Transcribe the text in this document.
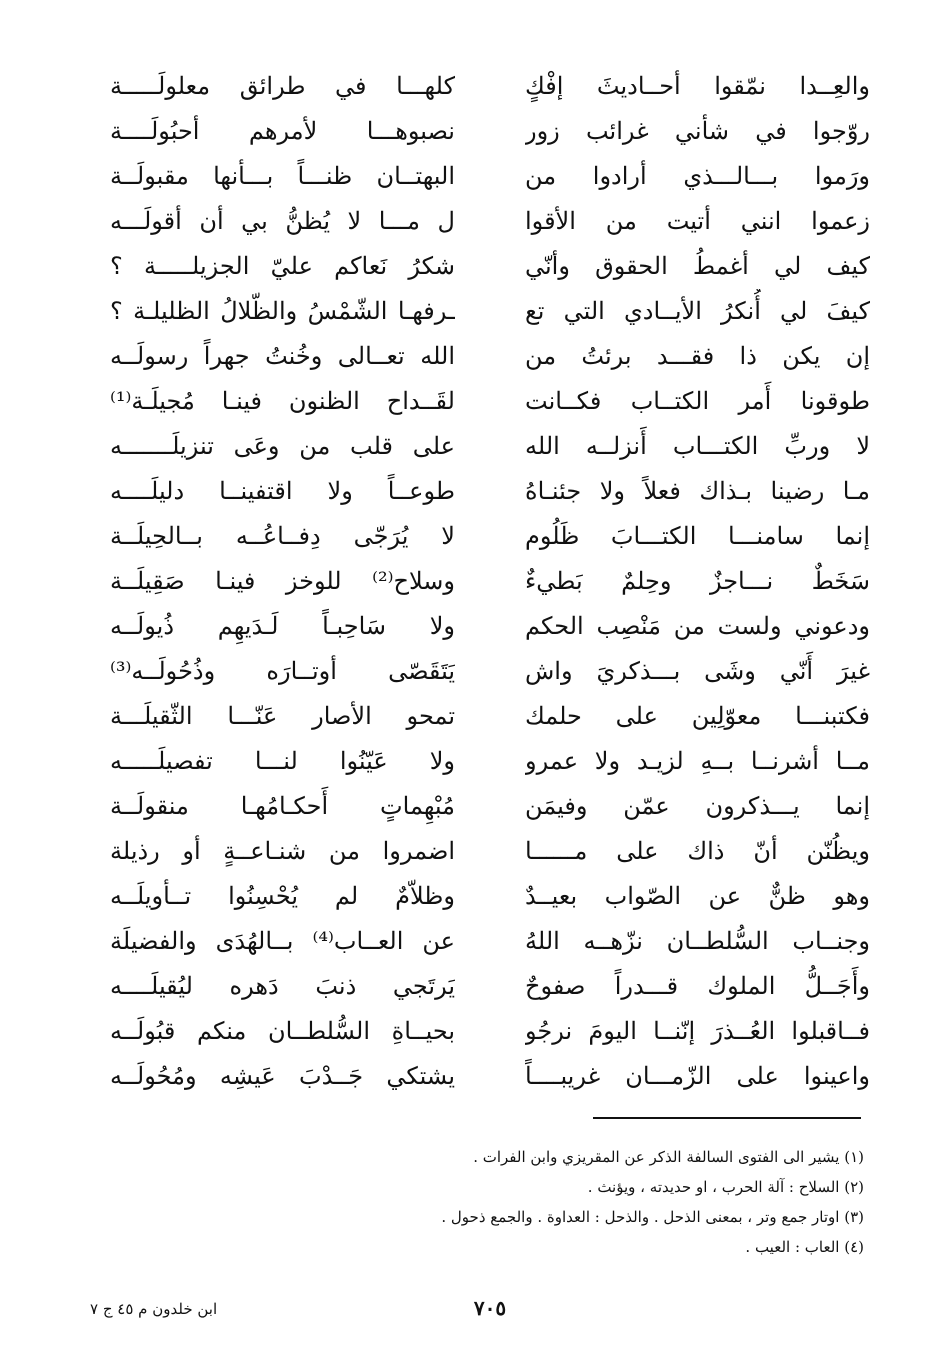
والعِــدا نمّقوا أحــاديثَ إفْكٍ
كلهـــا في طرائق معلولَـــــة
روّجوا في شأني غرائب زور
نصبوهـــا لأمرهم أحبُولَــــة
ورَموا بـــالـــذي أرادوا من
البهتــان ظنـــاً بـــأنها مقبولَــة
زعموا انني أتيت من الأقوا
ل مـــا لا يُظنُّ بي أن أقولَـــه
كيف لي أغمطُ الحقوق وأنّي
شكرُ نَعاكم عليّ الجزيلـــــة ؟
كيفَ لي أُنكرُ الأيــادي التي تع
ـرفهـا الشّمْسُ والظّلالُ الظليلـة ؟
إن يكن ذا فقـــد برئتُ من
الله تعــالى وخُنتُ جهراً رسولَــه
طوقونا أَمر الكتــاب فكــانت
لقَــداح الظنون فينـا مُجيلَـة⁽¹⁾
لا وربِّ الكتـــاب أَنزلــه الله
على قلب من وعَى تنزيلَـــــــه
مـا رضينا بـذاك فعلاً ولا جئنـاهُ
طوعــاً ولا اقتفينــا دليلَــــه
إنما سامنـــا الكتـــابَ ظَلُوم
لا يُرَجّى دِفــاعُــه بــالحِيلَــة
سَخَطٌ نـــاجزٌ وحِلمٌ بَطيءٌ
وسلاح⁽²⁾ للوخز فينـا صَقِيلَــة
ودعوني ولست من مَنْصِب الحكم
ولا سَاحِبـاً لَـدَيهِم ذُيولَــه
غيرَ أَنّي وشَى بـــذكريَ واش
يَتَقَصّى أوتــارَه وذُحُولَــه⁽³⁾
فكتبنـــا معوّلِين على حلمك
تمحو الأصار عَنّـــا الثّقيلَـــة
مــا أشرنــا بــهِ لزيـد ولا عمرو
ولا عَيّنُوا لنـــا تفصيلَـــــه
إنما يـــذكرون عمّن وفيمَن
مُبْهِماتٍ أَحكـامُهـا منقولَــة
ويظُنّن أنّ ذاك على مــــــا
اضمروا من شنـاعــةٍ أو رذيلة
وهو ظنٌّ عن الصّواب بعيــدٌ
وظلاّمٌ لم يُحْسِنُوا تــأويلَــه
وجنــاب السُّلطــان نزّهــه اللهُ
عن العــاب⁽⁴⁾ بــالهُدَى والفضيلَة
وأَجَــلُّ الملوك قـــدراً صفوحٌ
يَرتَجي ذنبَ دَهره ليُقيلَــــه
فــاقبلوا العُــذرَ إنّنــا اليومَ نرجُو
بحيــاةِ السُّلطــان منكم قبُولَــه
واعينوا على الزّمـــان غريبــــاً
يشتكي جَــدْبَ عَيشِه ومُحُولَــه
(١) يشير الى الفتوى السالفة الذكر عن المقريزي وابن الفرات .
(٢) السلاح : آلة الحرب ، او حديدته ، ويؤنث .
(٣) اوتار جمع وتر ، بمعنى الذحل . والذحل : العداوة . والجمع ذحول .
(٤) العاب : العيب .
٧٠٥
ابن خلدون م ٤٥ ج ٧
